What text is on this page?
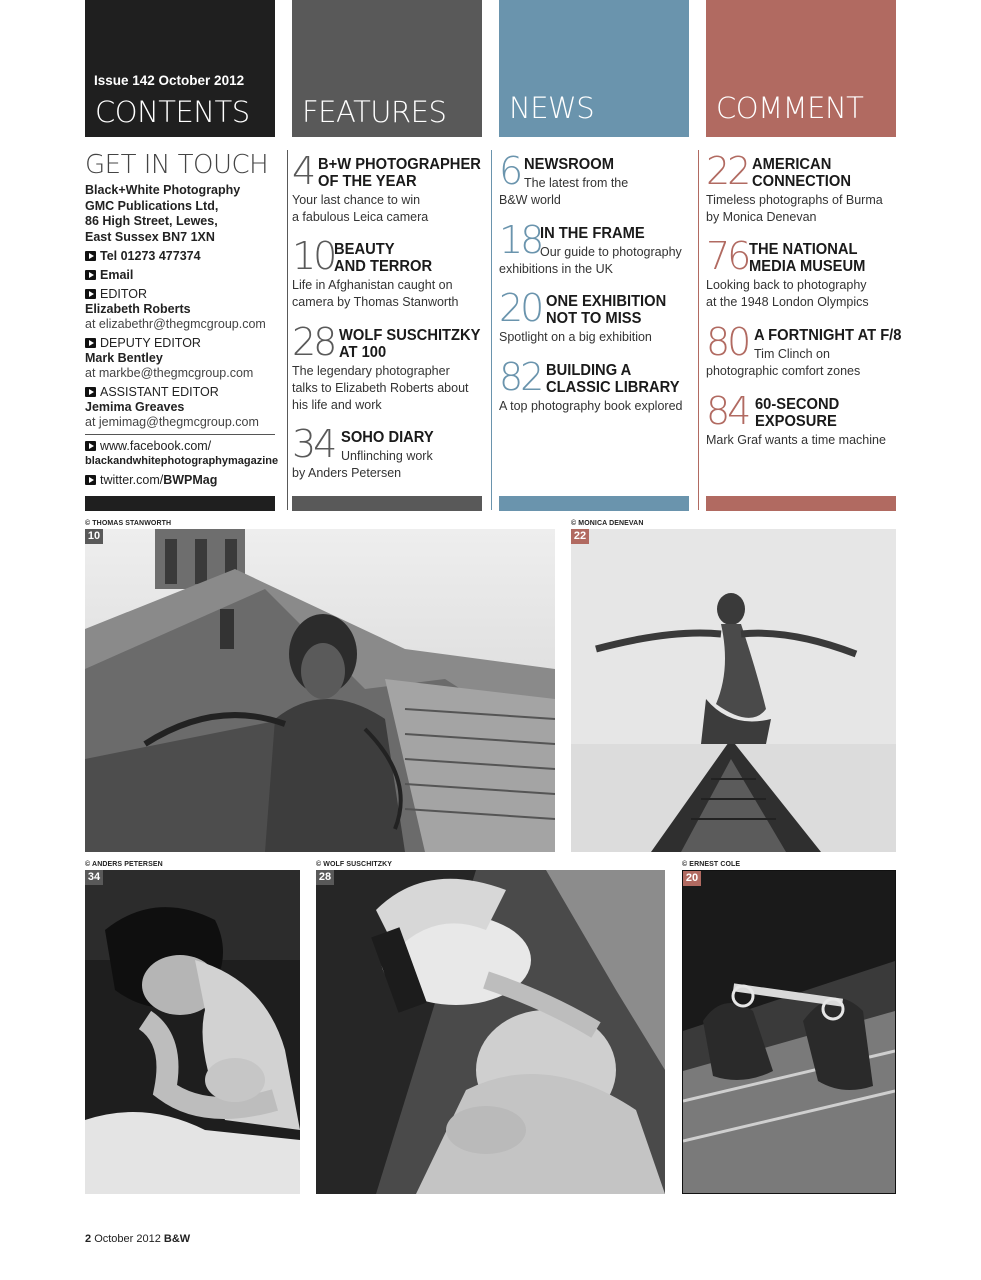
Issue 142 October 2012
CONTENTS FEATURES NEWS	COMMENT
GET IN TOUCH
Black+White Photography
GMC Publications Ltd,
86 High Street, Lewes,
East Sussex BN7 1XN
Tel 01273 477374
Email
EDITOR
Elizabeth Roberts
at elizabethr@thegmcgroup.com
DEPUTY EDITOR
Mark Bentley
at markbe@thegmcgroup.com
ASSISTANT EDITOR
Jemima Greaves
at jemimag@thegmcgroup.com
www.facebook.com/
blackandwhitephotographymagazine
twitter.com/BWPMag
4 B+W PHOTOGRAPHER
OF THE YEAR
Your last chance to win
a fabulous Leica camera
10 BEAUTY
AND TERROR
Life in Afghanistan caught on
camera by Thomas Stanworth
28 WOLF SUSCHITZKY
AT 100
The legendary photographer
talks to Elizabeth Roberts about
his life and work
34 SOHO DIARY
Unflinching work
by Anders Petersen
6 NEWSROOM
The latest from the
B&W world
18
IN THE FRAME
Our guide to photography
exhibitions in the UK
20 ONE EXHIBITION
NOT TO MISS
Spotlight on a big exhibition
82 BUILDING A
CLASSIC LIBRARY
A top photography book explored
22 AMERICAN
CONNECTION
Timeless photographs of Burma
by Monica Denevan
76 THE NATIONAL
MEDIA MUSEUM
Looking back to photography
at the 1948 London Olympics
80 A FORTNIGHT AT F/8
Tim Clinch on
photographic comfort zones
84 60-SECOND
EXPOSURE
Mark Graf wants a time machine
© THOMAS STANWORTH
10
© MONICA DENEVAN
22
© ANDERS PETERSEN
34
© WOLF SUSCHITZKY
28
© ERNEST COLE
20
2 October 2012 B&W
